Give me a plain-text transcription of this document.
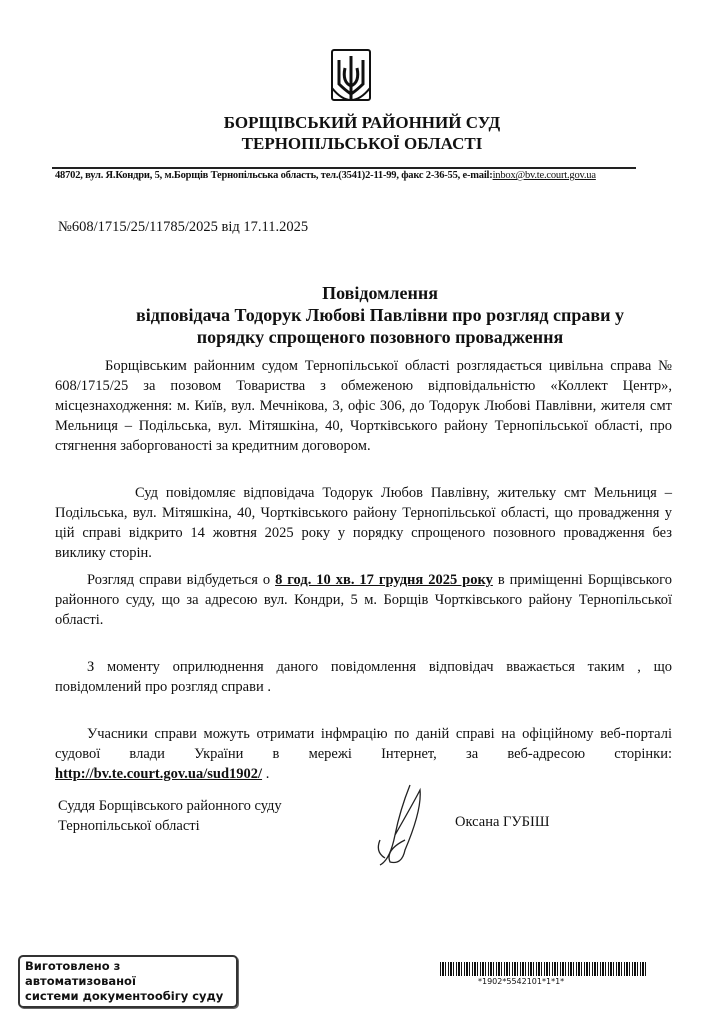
БОРЩІВСЬКИЙ РАЙОННИЙ СУД
ТЕРНОПІЛЬСЬКОЇ ОБЛАСТІ
48702, вул. Я.Кондри, 5, м.Борщів Тернопільська область, тел.(3541)2-11-99, факс 2-36-55, e-mail:inbox@bv.te.court.gov.ua
№608/1715/25/11785/2025 від 17.11.2025
Повідомлення
відповідача Тодорук Любові Павлівни про розгляд справи у
порядку спрощеного позовного провадження

Борщівським районним судом Тернопільської області розглядається цивільна справа № 608/1715/25 за позовом Товариства з обмеженою відповідальністю «Коллект Центр», місцезнаходження: м. Київ, вул. Мечнікова, 3, офіс 306, до Тодорук Любові Павлівни, жителя смт Мельниця – Подільська, вул. Мітяшкіна, 40, Чортківського району Тернопільської області, про стягнення заборгованості за кредитним договором.

Суд повідомляє відповідача Тодорук Любов Павлівну, жительку смт Мельниця – Подільська, вул. Мітяшкіна, 40, Чортківського району Тернопільської області, що провадження у цій справі відкрито 14 жовтня 2025 року у порядку спрощеного позовного провадження без виклику сторін.

Розгляд справи відбудеться о 8 год. 10 хв. 17 грудня 2025 року в приміщенні Борщівського районного суду, що за адресою вул. Кондри, 5 м. Борщів Чортківського району Тернопільської області.

З моменту оприлюднення даного повідомлення відповідач вважається таким , що повідомлений про розгляд справи .

Учасники справи можуть отримати інфмрацію по даній справі на офіційному веб-порталі судової влади України в мережі Інтернет, за веб-адресою сторінки: http://bv.te.court.gov.ua/sud1902/ .

Суддя Борщівського районного суду
Тернопільської області	Оксана ГУБІШ
Виготовлено з автоматизованої
системи документообігу суду
*1902*5542101*1*1*
